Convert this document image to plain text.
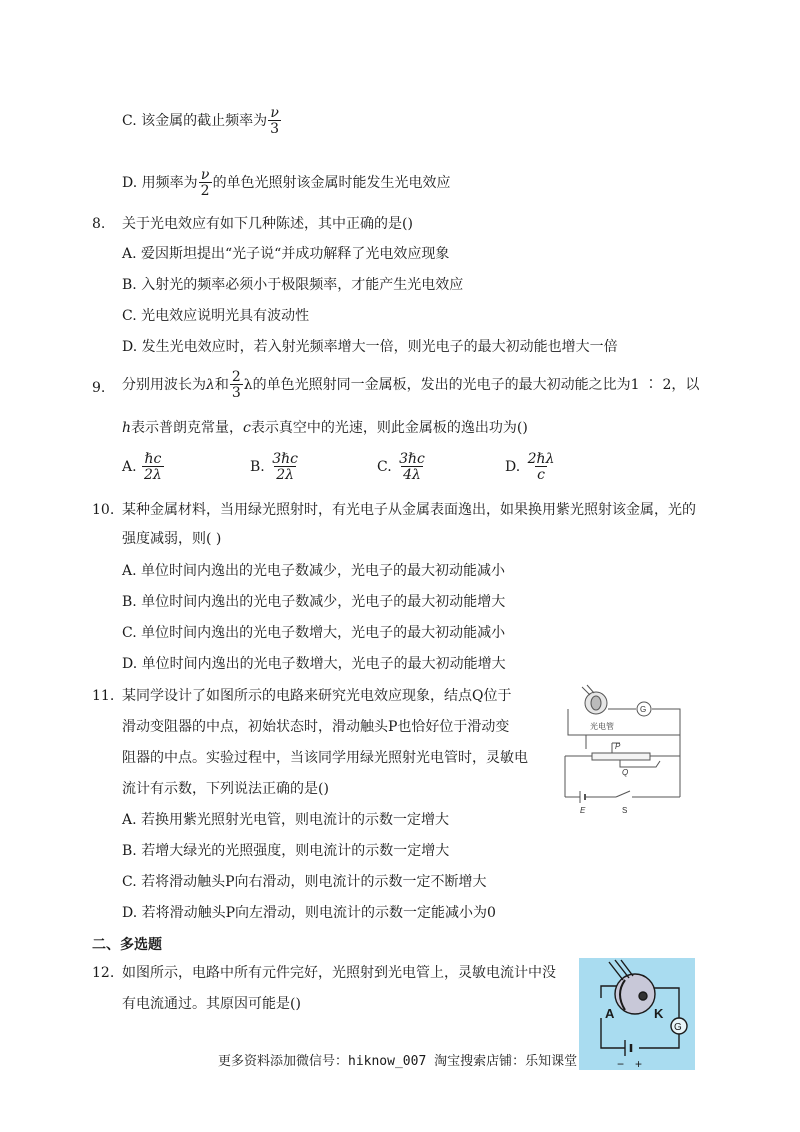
C. 该金属的截止频率为 $\frac{\nu}{3}$
D. 用频率为 $\frac{\nu}{2}$ 的单色光照射该金属时能发生光电效应
8. 关于光电效应有如下几种陈述，其中正确的是()
A. 爱因斯坦提出“光子说“并成功解释了光电效应现象
B. 入射光的频率必须小于极限频率，才能产生光电效应
C. 光电效应说明光具有波动性
D. 发生光电效应时，若入射光频率增大一倍，则光电子的最大初动能也增大一倍
9. 分别用波长为λ和 $\frac{2}{3}$ λ的单色光照射同一金属板，发出的光电子的最大初动能之比为1 ∶ 2，以
h表示普朗克常量，c表示真空中的光速，则此金属板的逸出功为()
A. $\frac{\text{ℏc}}{2\lambda}$	B. $\frac{\text{3ℏc}}{2\lambda}$	C. $\frac{\text{3ℏc}}{4\lambda}$	D. $\frac{\text{2ℏλ}}{c}$
10. 某种金属材料，当用绿光照射时，有光电子从金属表面逸出，如果换用紫光照射该金属，光的
强度减弱，则( )
A. 单位时间内逸出的光电子数减少，光电子的最大初动能减小
B. 单位时间内逸出的光电子数减少，光电子的最大初动能增大
C. 单位时间内逸出的光电子数增大，光电子的最大初动能减小
D. 单位时间内逸出的光电子数增大，光电子的最大初动能增大
11. 某同学设计了如图所示的电路来研究光电效应现象，结点Q位于
滑动变阻器的中点，初始状态时，滑动触头P也恰好位于滑动变
阻器的中点。实验过程中，当该同学用绿光照射光电管时，灵敏电
流计有示数，下列说法正确的是()
A. 若换用紫光照射光电管，则电流计的示数一定增大
B. 若增大绿光的光照强度，则电流计的示数一定增大
C. 若将滑动触头P向右滑动，则电流计的示数一定不断增大
D. 若将滑动触头P向左滑动，则电流计的示数一定能减小为0
光电管
G
P
Q
E	S
二、多选题
12. 如图所示，电路中所有元件完好，光照射到光电管上，灵敏电流计中没
有电流通过。其原因可能是()
A	K
G
− +
更多资料添加微信号：hiknow_007 淘宝搜索店铺：乐知课堂
